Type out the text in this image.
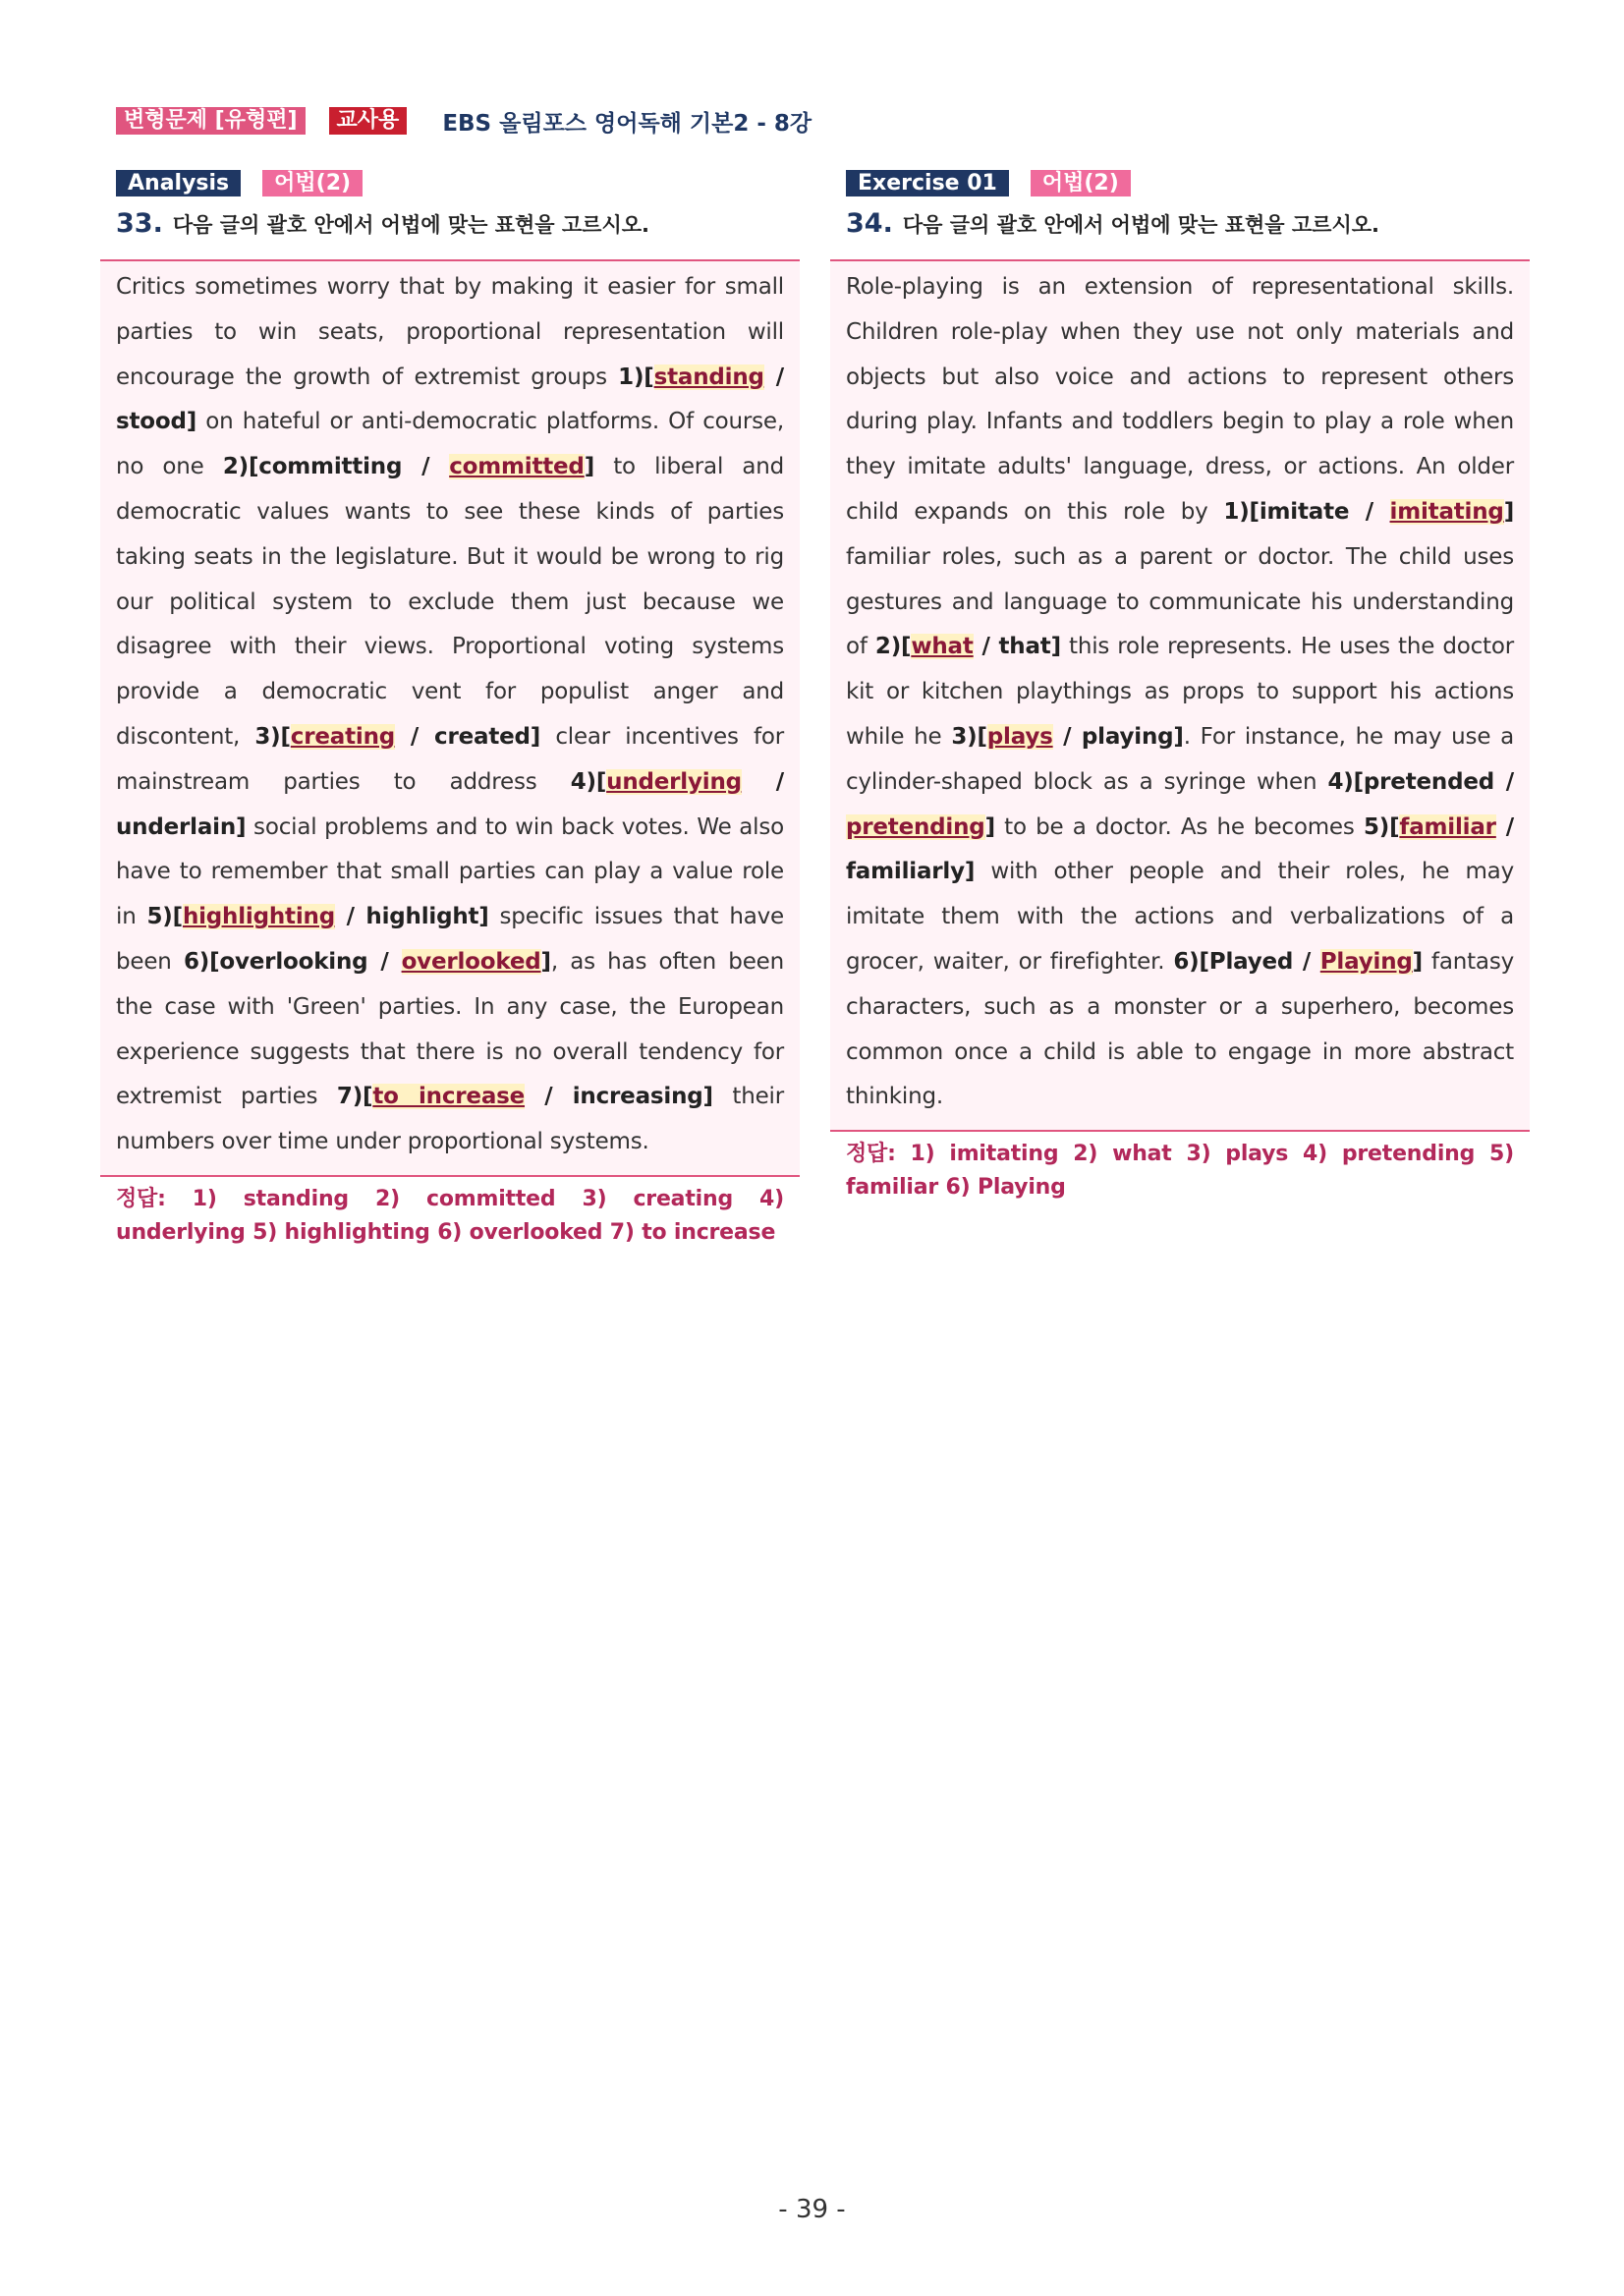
변형문제 [유형편]	교사용	EBS 올림포스 영어독해 기본2 - 8강
Analysis	어법(2)
33. 다음 글의 괄호 안에서 어법에 맞는 표현을 고르시오.

Critics sometimes worry that by making it easier for small parties to win seats, proportional representation will encourage the growth of extremist groups 1)[standing / stood] on hateful or anti-democratic platforms. Of course, no one 2)[committing / committed] to liberal and democratic values wants to see these kinds of parties taking seats in the legislature. But it would be wrong to rig our political system to exclude them just because we disagree with their views. Proportional voting systems provide a democratic vent for populist anger and discontent, 3)[creating / created] clear incentives for mainstream parties to address 4)[underlying / underlain] social problems and to win back votes. We also have to remember that small parties can play a value role in 5)[highlighting / highlight] specific issues that have been 6)[overlooking / overlooked], as has often been the case with 'Green' parties. In any case, the European experience suggests that there is no overall tendency for extremist parties 7)[to increase / increasing] their numbers over time under proportional systems.

정답: 1) standing 2) committed 3) creating 4) underlying 5) highlighting 6) overlooked 7) to increase
Exercise 01	어법(2)
34. 다음 글의 괄호 안에서 어법에 맞는 표현을 고르시오.

Role-playing is an extension of representational skills. Children role-play when they use not only materials and objects but also voice and actions to represent others during play. Infants and toddlers begin to play a role when they imitate adults' language, dress, or actions. An older child expands on this role by 1)[imitate / imitating] familiar roles, such as a parent or doctor. The child uses gestures and language to communicate his understanding of 2)[what / that] this role represents. He uses the doctor kit or kitchen playthings as props to support his actions while he 3)[plays / playing]. For instance, he may use a cylinder-shaped block as a syringe when 4)[pretended / pretending] to be a doctor. As he becomes 5)[familiar / familiarly] with other people and their roles, he may imitate them with the actions and verbalizations of a grocer, waiter, or firefighter. 6)[Played / Playing] fantasy characters, such as a monster or a superhero, becomes common once a child is able to engage in more abstract thinking.

정답: 1) imitating 2) what 3) plays 4) pretending 5) familiar 6) Playing
- 39 -
